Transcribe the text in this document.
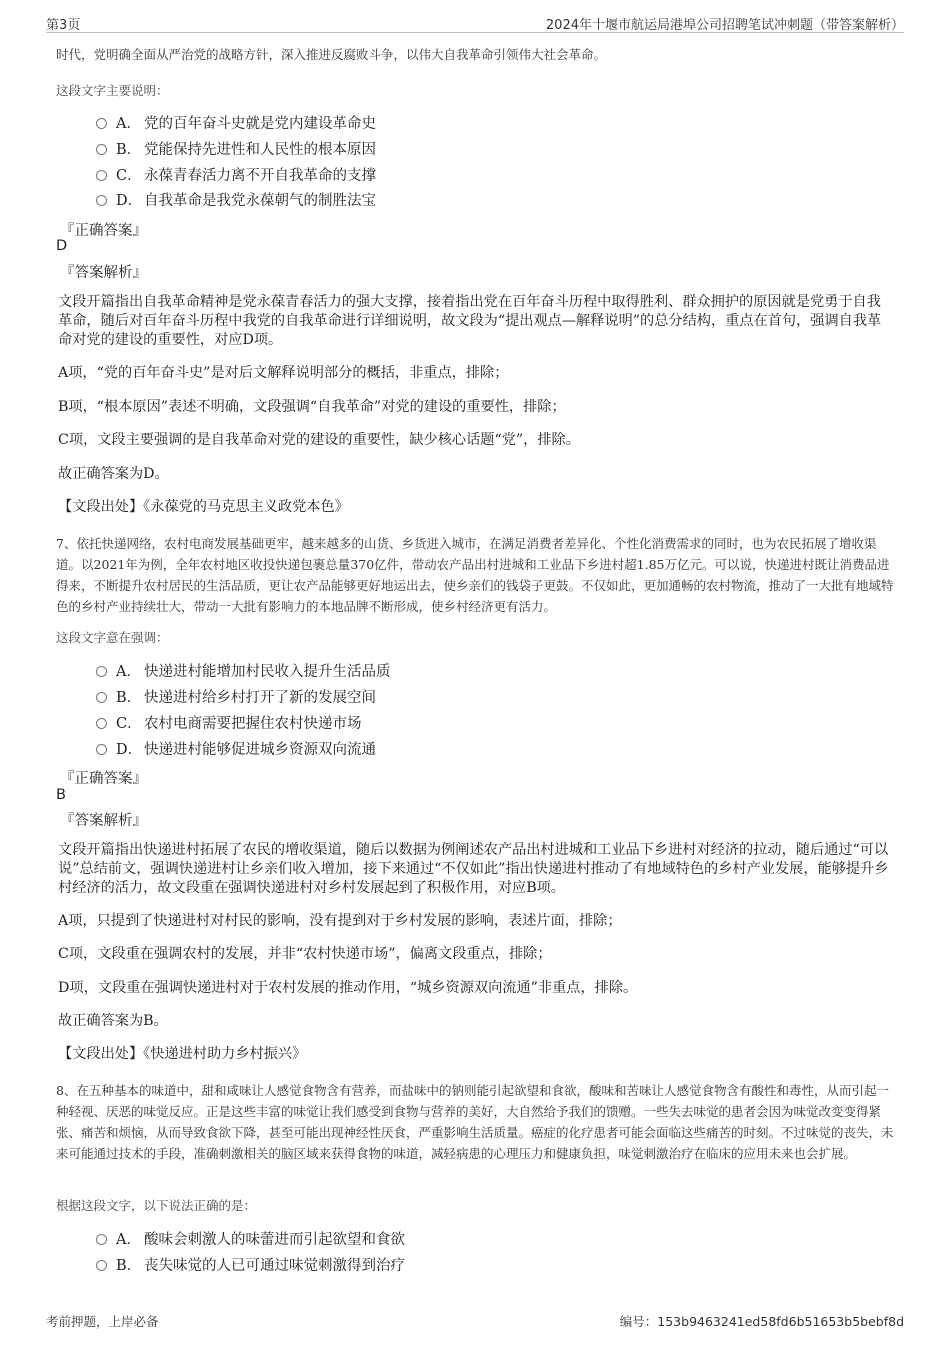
第3页	2024年十堰市航运局港埠公司招聘笔试冲刺题（带答案解析）
时代，党明确全面从严治党的战略方针，深入推进反腐败斗争，以伟大自我革命引领伟大社会革命。
这段文字主要说明：
A． 党的百年奋斗史就是党内建设革命史
B． 党能保持先进性和人民性的根本原因
C． 永葆青春活力离不开自我革命的支撑
D． 自我革命是我党永葆朝气的制胜法宝
『正确答案』
D
『答案解析』
文段开篇指出自我革命精神是党永葆青春活力的强大支撑，接着指出党在百年奋斗历程中取得胜利、群众拥护的原因就是党勇于自我革命，随后对百年奋斗历程中我党的自我革命进行详细说明，故文段为“提出观点—解释说明”的总分结构，重点在首句，强调自我革命对党的建设的重要性，对应D项。
A项，“党的百年奋斗史”是对后文解释说明部分的概括，非重点，排除；
B项，“根本原因”表述不明确，文段强调“自我革命”对党的建设的重要性，排除；
C项，文段主要强调的是自我革命对党的建设的重要性，缺少核心话题“党”，排除。
故正确答案为D。
【文段出处】《永葆党的马克思主义政党本色》
7、依托快递网络，农村电商发展基础更牢，越来越多的山货、乡货进入城市，在满足消费者差异化、个性化消费需求的同时，也为农民拓展了增收渠道。以2021年为例，全年农村地区收投快递包裹总量370亿件，带动农产品出村进城和工业品下乡进村超1.85万亿元。可以说，快递进村既让消费品进得来，不断提升农村居民的生活品质，更让农产品能够更好地运出去，使乡亲们的钱袋子更鼓。不仅如此，更加通畅的农村物流，推动了一大批有地域特色的乡村产业持续壮大，带动一大批有影响力的本地品牌不断形成，使乡村经济更有活力。
这段文字意在强调：
A． 快递进村能增加村民收入提升生活品质
B． 快递进村给乡村打开了新的发展空间
C． 农村电商需要把握住农村快递市场
D． 快递进村能够促进城乡资源双向流通
『正确答案』
B
『答案解析』
文段开篇指出快递进村拓展了农民的增收渠道，随后以数据为例阐述农产品出村进城和工业品下乡进村对经济的拉动，随后通过“可以说”总结前文，强调快递进村让乡亲们收入增加，接下来通过“不仅如此”指出快递进村推动了有地域特色的乡村产业发展，能够提升乡村经济的活力，故文段重在强调快递进村对乡村发展起到了积极作用，对应B项。
A项，只提到了快递进村对村民的影响，没有提到对于乡村发展的影响，表述片面，排除；
C项，文段重在强调农村的发展，并非“农村快递市场”，偏离文段重点，排除；
D项，文段重在强调快递进村对于农村发展的推动作用，“城乡资源双向流通”非重点，排除。
故正确答案为B。
【文段出处】《快递进村助力乡村振兴》
8、在五种基本的味道中，甜和咸味让人感觉食物含有营养，而盐味中的钠则能引起欲望和食欲，酸味和苦味让人感觉食物含有酸性和毒性，从而引起一种轻视、厌恶的味觉反应。正是这些丰富的味觉让我们感受到食物与营养的美好，大自然给予我们的馈赠。一些失去味觉的患者会因为味觉改变变得紧张、痛苦和烦恼，从而导致食欲下降，甚至可能出现神经性厌食，严重影响生活质量。癌症的化疗患者可能会面临这些痛苦的时刻。不过味觉的丧失，未来可能通过技术的手段，准确刺激相关的脑区域来获得食物的味道，减轻病患的心理压力和健康负担，味觉刺激治疗在临床的应用未来也会扩展。
根据这段文字，以下说法正确的是：
A． 酸味会刺激人的味蕾进而引起欲望和食欲
B． 丧失味觉的人已可通过味觉刺激得到治疗
考前押题，上岸必备	编号：153b9463241ed58fd6b51653b5bebf8d
